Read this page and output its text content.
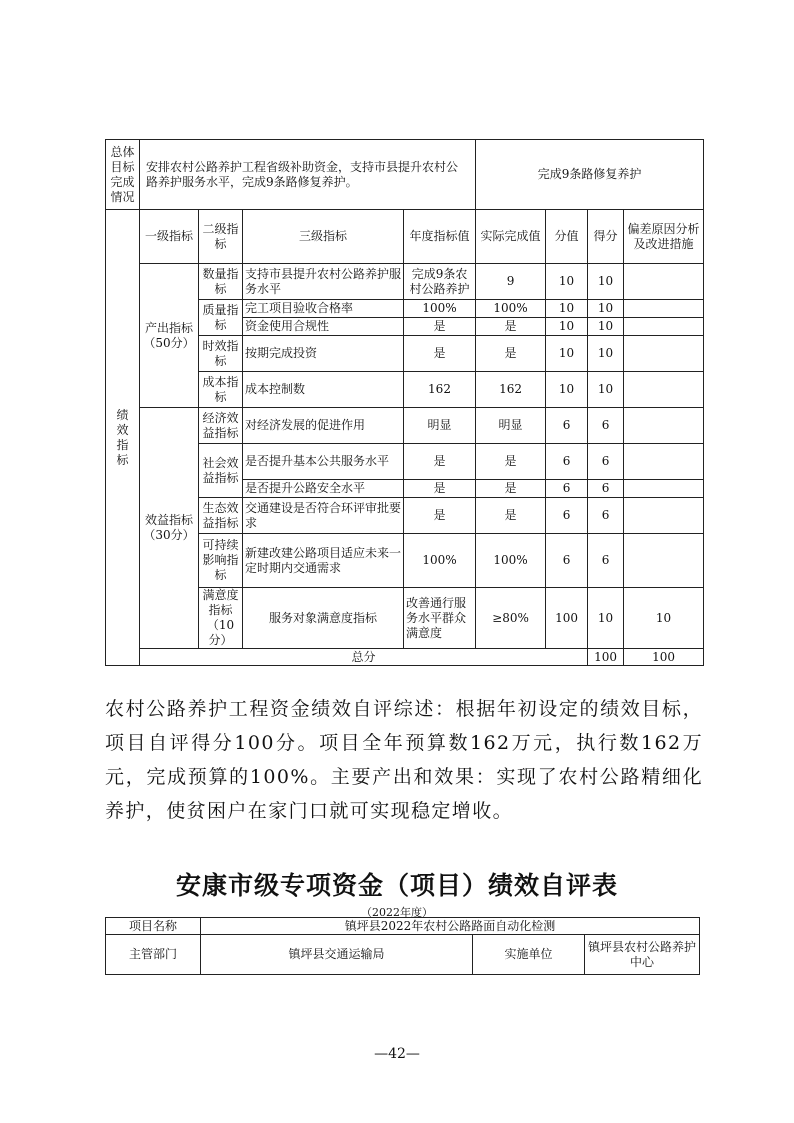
总体目标完成情况	安排农村公路养护工程省级补助资金，支持市县提升农村公路养护服务水平，完成9条路修复养护。				完成9条路修复养护				
绩效指标	一级指标	二级指标	三级指标	年度指标值	实际完成值	分值	得分	偏差原因分析及改进措施	
	产出指标（50分）	数量指标	支持市县提升农村公路养护服务水平	完成9条农村公路养护	9	10	10		
		质量指标	完工项目验收合格率	100%	100%	10	10		
			资金使用合规性	是	是	10	10		
		时效指标	按期完成投资	是	是	10	10		
		成本指标	成本控制数	162	162	10	10		
	效益指标（30分）	经济效益指标	对经济发展的促进作用	明显	明显	6	6		
		社会效益指标	是否提升基本公共服务水平	是	是	6	6		
			是否提升公路安全水平	是	是	6	6		
		生态效益指标	交通建设是否符合环评审批要求	是	是	6	6		
		可持续影响指标	新建改建公路项目适应未来一定时期内交通需求	100%	100%	6	6		
		满意度指标（10分）	服务对象满意度指标	改善通行服务水平群众满意度	≥80%	100	10	10	
	总分						100	100	
农村公路养护工程资金绩效自评综述：根据年初设定的绩效目标，项目自评得分100分。项目全年预算数162万元，执行数162万元，完成预算的100%。主要产出和效果：实现了农村公路精细化养护，使贫困户在家门口就可实现稳定增收。
安康市级专项资金（项目）绩效自评表
（2022年度）
项目名称	镇坪县2022年农村公路路面自动化检测		
主管部门	镇坪县交通运输局	实施单位	镇坪县农村公路养护中心
—42—
